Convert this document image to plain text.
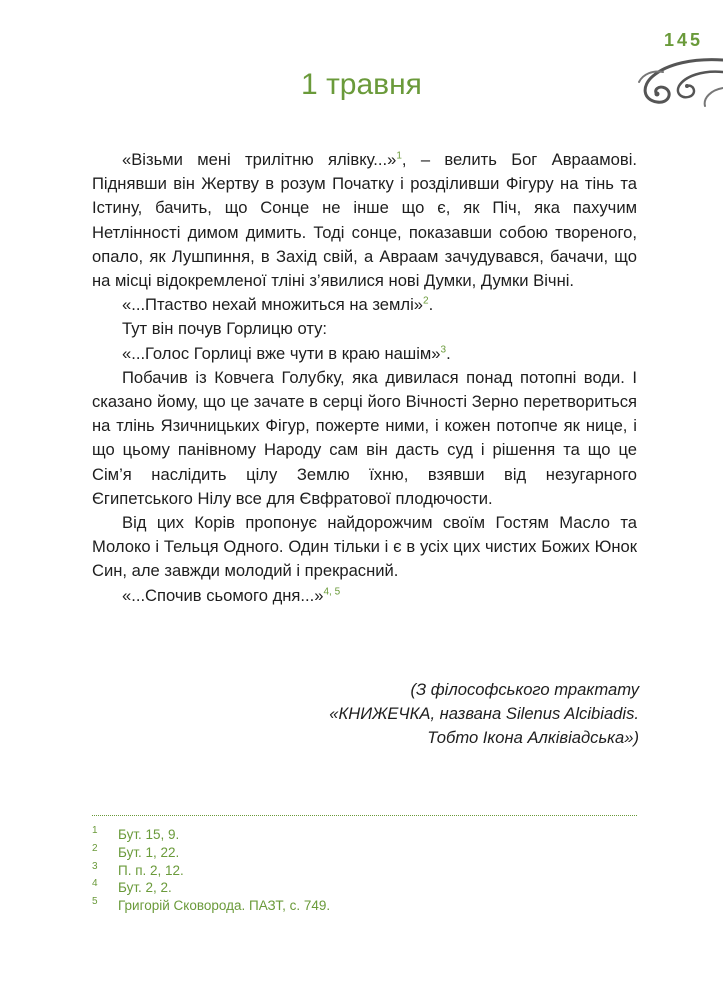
145
1 травня

«Візьми мені трилітню ялівку...»$^1$, – велить Бог Авраамові. Піднявши він Жертву в розум Початку і розділивши Фігуру на тінь та Істину, бачить, що Сонце не інше що є, як Піч, яка пахучим Нетлінності димом димить. Тоді сонце, показавши собою твореного, опало, як Лушпиння, в Захід свій, а Авраам зачудувався, бачачи, що на місці відокремленої тліні з’явилися нові Думки, Думки Вічні.

«...Птаство нехай множиться на землі»$^2$.

Тут він почув Горлицю оту:

«...Голос Горлиці вже чути в краю нашім»$^3$.

Побачив із Ковчега Голубку, яка дивилася понад потопні води. І сказано йому, що це зачате в серці його Вічності Зерно перетвориться на тлінь Язичницьких Фігур, пожерте ними, і кожен потопче як нице, і що цьому панівному Народу сам він дасть суд і рішення та що це Сім’я наслідить цілу Землю їхню, взявши від незугарного Єгипетського Нілу все для Євфратової плодючости.

Від цих Корів пропонує найдорожчим своїм Гостям Масло та Молоко і Тельця Одного. Один тільки і є в усіх цих чистих Божих Юнок Син, але завжди молодий і прекрасний.

«...Спочив сьомого дня...»$^{4, 5}$

(З філософського трактату
«КНИЖЕЧКА, названа Silenus Alcibiadis.
Тобто Ікона Алківіадська»)
1 Бут. 15, 9.
2 Бут. 1, 22.
3 П. п. 2, 12.
4 Бут. 2, 2.
5 Григорій Сковорода. ПАЗТ, с. 749.
